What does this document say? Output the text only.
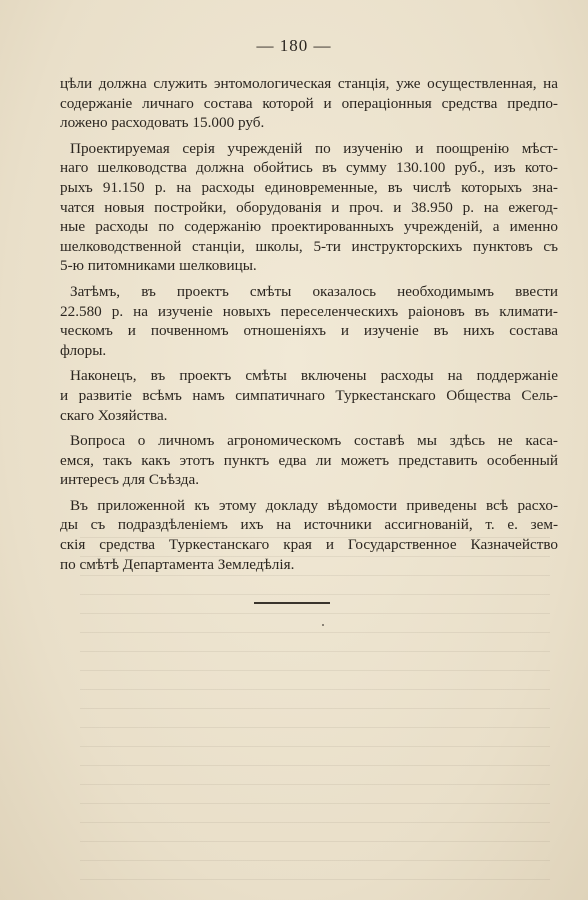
— 180 —

цѣли должна служить энтомологическая станція, уже осуществленная, на
содержаніе личнаго состава которой и операціонныя средства предпо-
ложено расходовать 15.000 руб.

Проектируемая серія учрежденій по изученію и поощренію мѣст-
наго шелководства должна обойтись въ сумму 130.100 руб., изъ кото-
рыхъ 91.150 р. на расходы единовременные, въ числѣ которыхъ зна-
чатся новыя постройки, оборудованія и проч. и 38.950 р. на ежегод-
ные расходы по содержанію проектированныхъ учрежденій, а именно
шелководственной станціи, школы, 5-ти инструкторскихъ пунктовъ съ
5-ю питомниками шелковицы.

Затѣмъ, въ проектъ смѣты оказалось необходимымъ ввести
22.580 р. на изученіе новыхъ переселенческихъ раіоновъ въ климати-
ческомъ и почвенномъ отношеніяхъ и изученіе въ нихъ состава
флоры.

Наконецъ, въ проектъ смѣты включены расходы на поддержаніе
и развитіе всѣмъ намъ симпатичнаго Туркестанскаго Общества Сель-
скаго Хозяйства.

Вопроса о личномъ агрономическомъ составѣ мы здѣсь не каса-
емся, такъ какъ этотъ пунктъ едва ли можетъ представить особенный
интересъ для Съѣзда.

Въ приложенной къ этому докладу вѣдомости приведены всѣ расхо-
ды съ подраздѣленіемъ ихъ на источники ассигнованій, т. е. зем-
скія средства Туркестанскаго края и Государственное Казначейство
по смѣтѣ Департамента Земледѣлія.
